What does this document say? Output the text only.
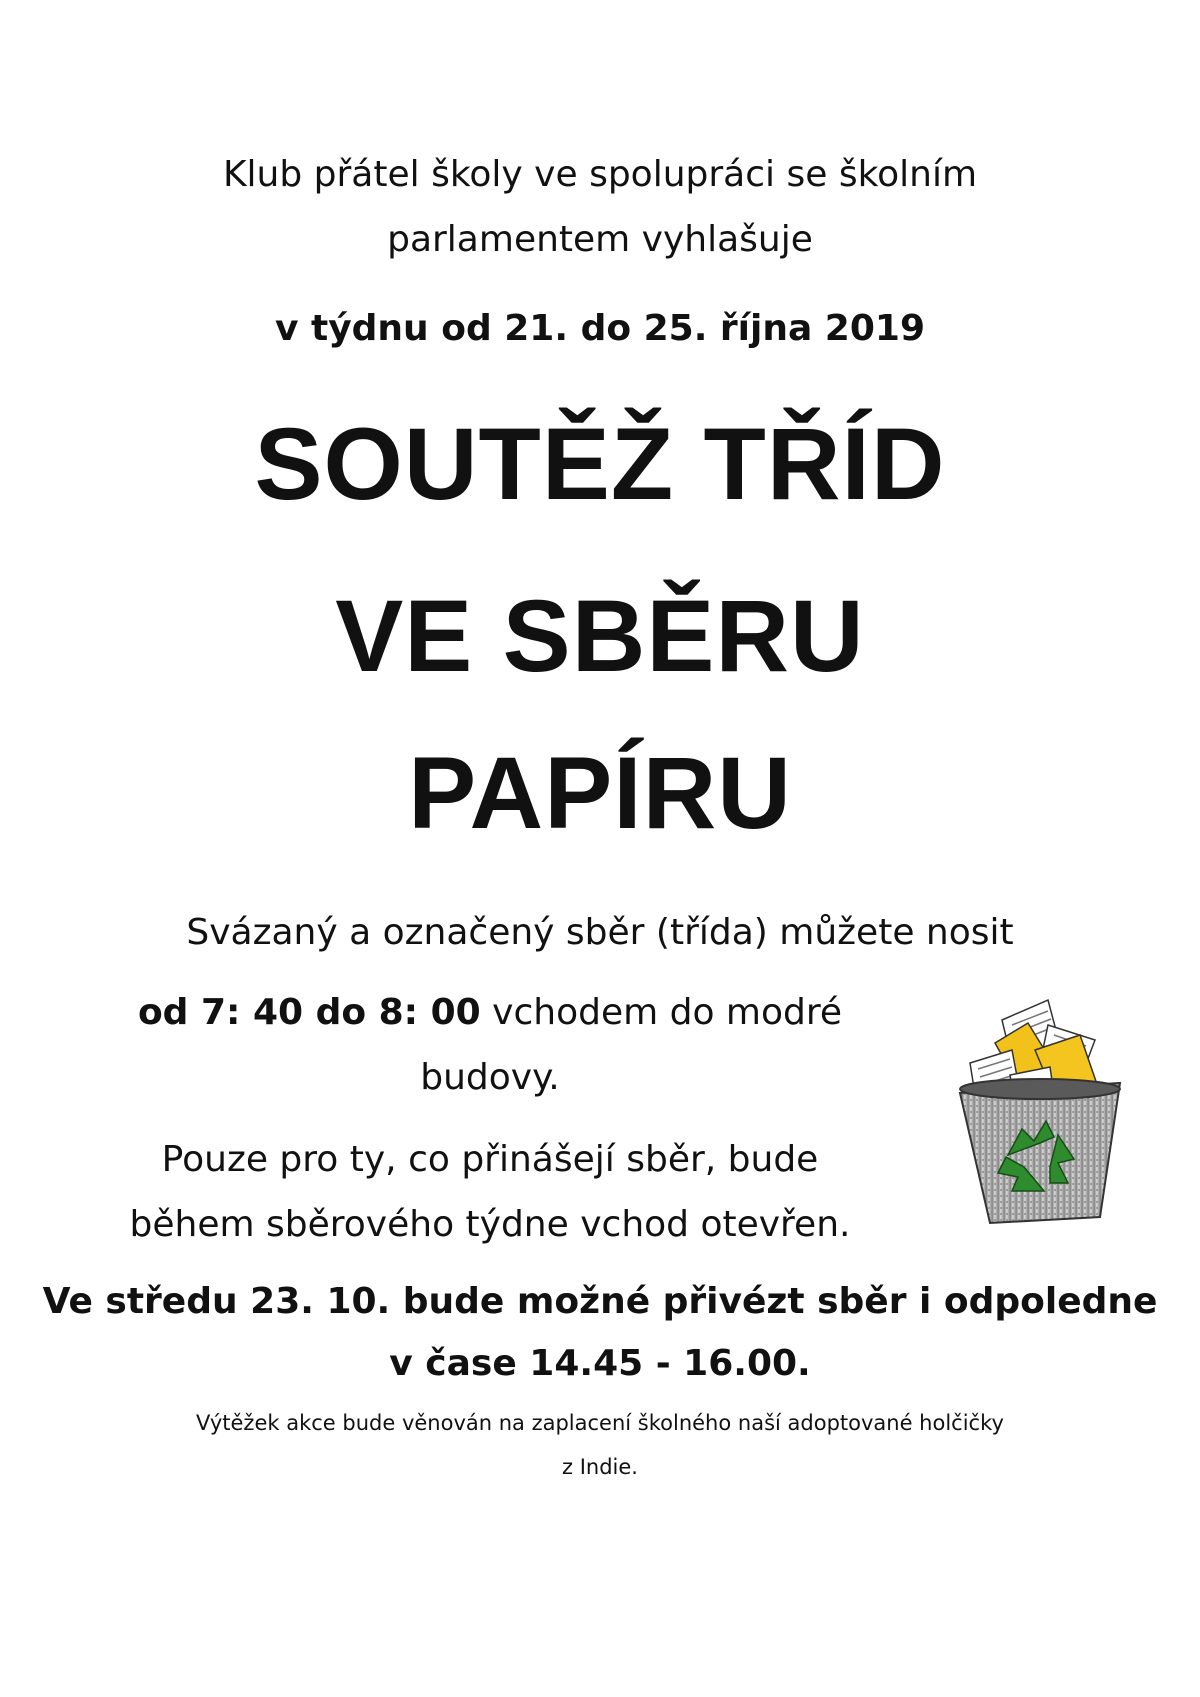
Klub přátel školy ve spolupráci se školním
parlamentem vyhlašuje
v týdnu od 21. do 25. října 2019
SOUTĚŽ TŘÍD
VE SBĚRU
PAPÍRU
Svázaný a označený sběr (třída) můžete nosit
od 7: 40 do 8: 00 vchodem do modré
budovy.
Pouze pro ty, co přinášejí sběr, bude
během sběrového týdne vchod otevřen.
Ve středu 23. 10. bude možné přivézt sběr i odpoledne
v čase 14.45 - 16.00.
Výtěžek akce bude věnován na zaplacení školného naší adoptované holčičky
z Indie.
